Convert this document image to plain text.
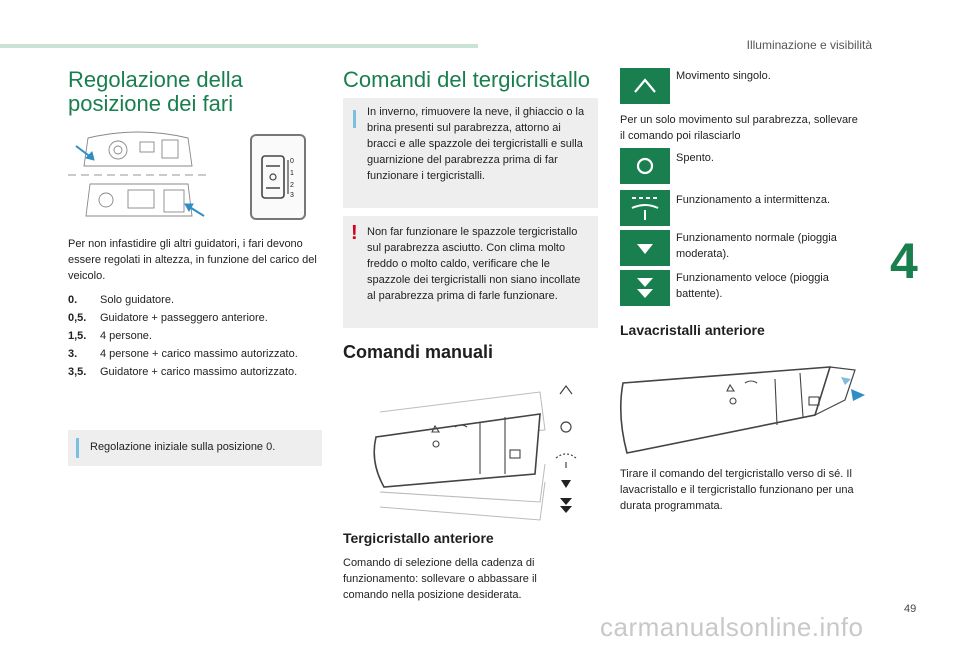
Illuminazione e visibilità
4
49
Regolazione della
posizione dei fari
0
1
2
3

Per non infastidire gli altri guidatori, i fari devono essere regolati in altezza, in funzione del carico del veicolo.

0.	Solo guidatore.
0,5.	Guidatore + passeggero anteriore.
1,5.	4 persone.
3.	4 persone + carico massimo autorizzato.
3,5.	Guidatore + carico massimo autorizzato.

Regolazione iniziale sulla posizione 0.

Comandi del tergicristallo

In inverno, rimuovere la neve, il ghiaccio o la brina presenti sul parabrezza, attorno ai bracci e alle spazzole dei tergicristalli e sulla guarnizione del parabrezza prima di far funzionare i tergicristalli.

! Non far funzionare le spazzole tergicristallo sul parabrezza asciutto. Con clima molto freddo o molto caldo, verificare che le spazzole dei tergicristalli non siano incollate al parabrezza prima di farle funzionare.

Comandi manuali
Tergicristallo anteriore

Comando di selezione della cadenza di funzionamento: sollevare o abbassare il comando nella posizione desiderata.

Movimento singolo.

Per un solo movimento sul parabrezza, sollevare il comando poi rilasciarlo

Spento.

Funzionamento a intermittenza.

Funzionamento normale (pioggia moderata).

Funzionamento veloce (pioggia battente).

Lavacristalli anteriore

Tirare il comando del tergicristallo verso di sé. Il lavacristallo e il tergicristallo funzionano per una durata programmata.

carmanualsonline.info
